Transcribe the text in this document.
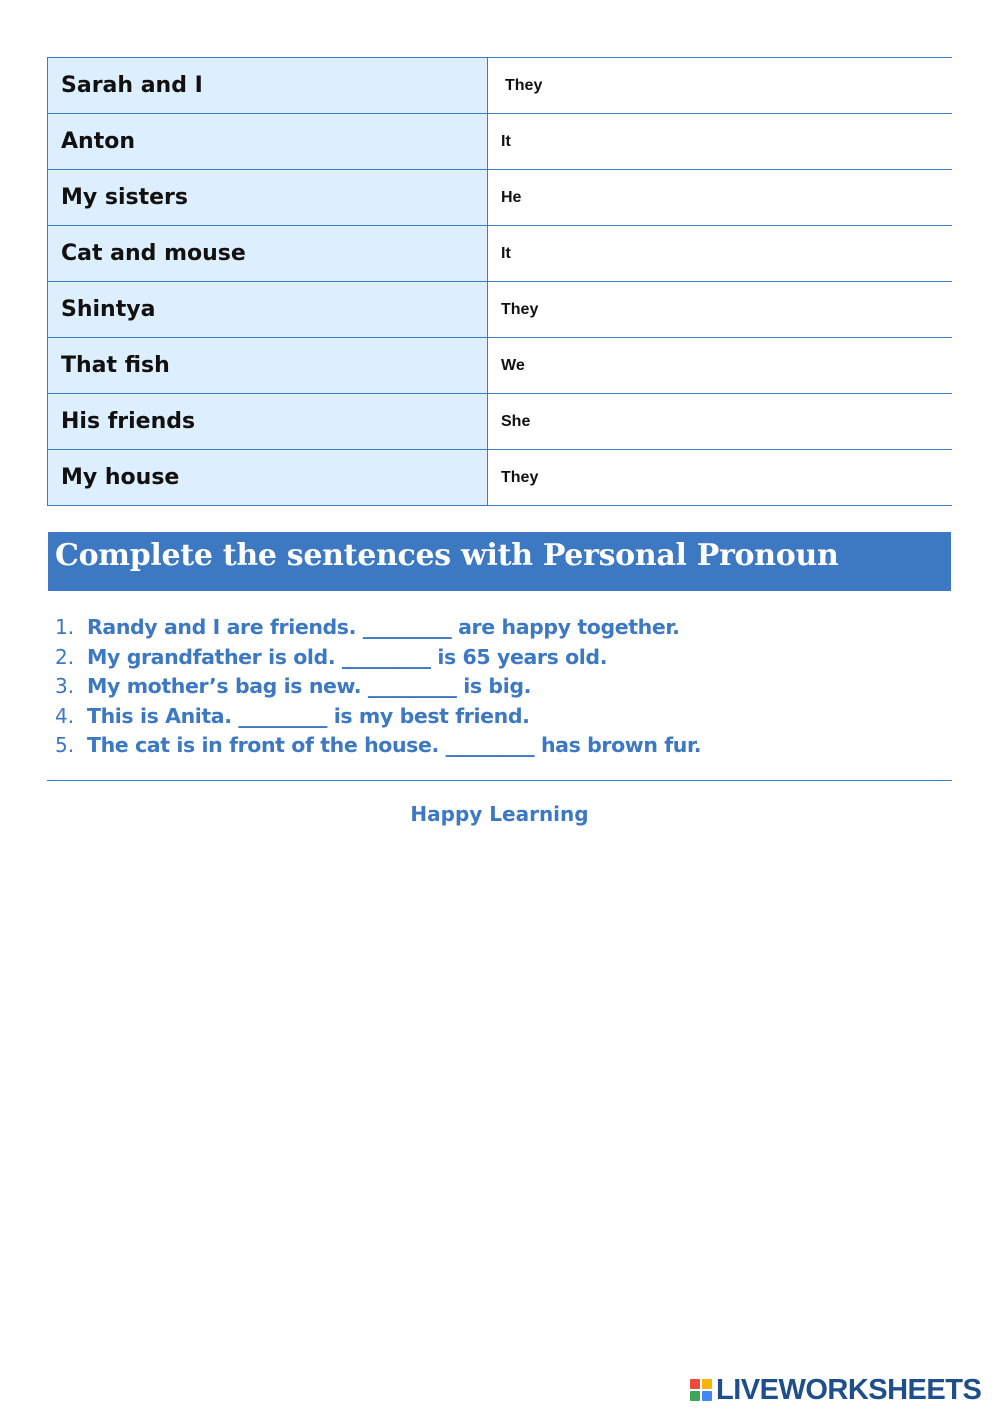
Sarah and I	They
Anton	It
My sisters	He
Cat and mouse	It
Shintya	They
That fish	We
His friends	She
My house	They
Complete the sentences with Personal Pronoun
1. Randy and I are friends. _________ are happy together.
2. My grandfather is old. _________ is 65 years old.
3. My mother’s bag is new. _________ is big.
4. This is Anita. _________ is my best friend.
5. The cat is in front of the house. _________ has brown fur.
Happy Learning
LIVEWORKSHEETS
